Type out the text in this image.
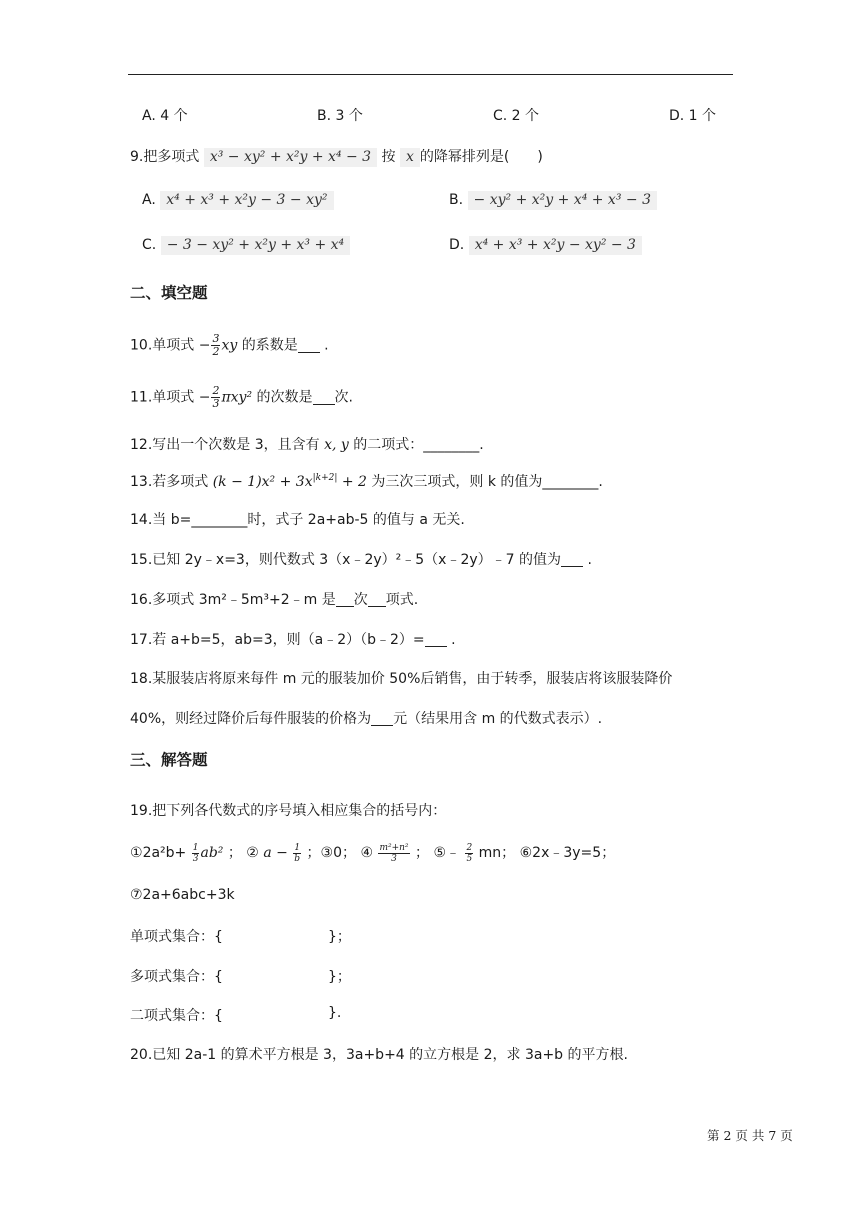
A. 4 个	B. 3 个	C. 2 个	D. 1 个
9.把多项式 x³ − xy² + x²y + x⁴ − 3 按 x 的降幂排列是(　　)
A. x⁴ + x³ + x²y − 3 − xy²	B. − xy² + x²y + x⁴ + x³ − 3
C. − 3 − xy² + x²y + x³ + x⁴	D. x⁴ + x³ + x²y − xy² − 3
二、填空题
10.单项式 − $\frac{3}{2}$ xy 的系数是 .
11.单项式 − $\frac{2}{3} \pi xy^2$ 的次数是 次.
12.写出一个次数是 3，且含有 x, y 的二项式：________.
13.若多项式 $(k - 1)x^2 + 3x^{|k+2|} + 2$ 为三次三项式，则 k 的值为________.
14.当 b=________时，式子 2a+ab-5 的值与 a 无关.
15.已知 2y﹣x=3，则代数式 3（x﹣2y）²﹣5（x﹣2y）﹣7 的值为 .
16.多项式 3m²﹣5m³+2﹣m 是 次 项式.
17.若 a+b=5，ab=3，则（a﹣2）（b﹣2）= .
18.某服装店将原来每件 m 元的服装加价 50%后销售，由于转季，服装店将该服装降价
40%，则经过降价后每件服装的价格为 元（结果用含 m 的代数式表示）.
三、解答题
19.把下列各代数式的序号填入相应集合的括号内：
①2a²b+ $\frac{1}{3} ab^2$ ； ② $a - \frac{1}{b}$ ；③0； ④ $\frac{\text{m²+n²}}{3}$ ； ⑤﹣ $\frac{2}{5}$ mn； ⑥2x﹣3y=5；
⑦2a+6abc+3k
单项式集合：{	}；
多项式集合：{	}；
二项式集合：{	}.
20.已知 2a-1 的算术平方根是 3，3a+b+4 的立方根是 2，求 3a+b 的平方根.
第 2 页 共 7 页
